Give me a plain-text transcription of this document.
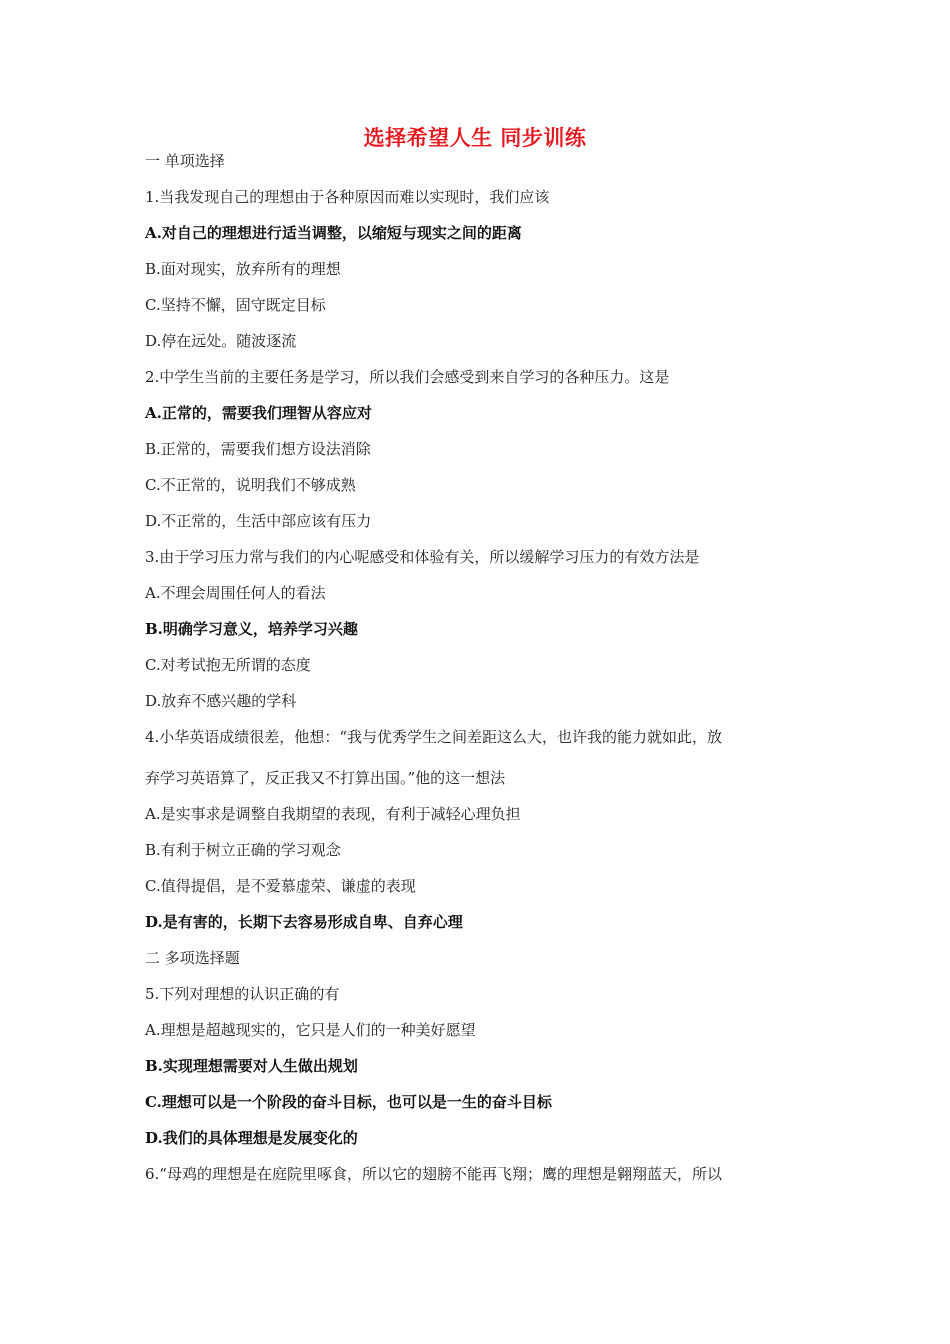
选择希望人生 同步训练
一 单项选择
1.当我发现自己的理想由于各种原因而难以实现时，我们应该
A.对自己的理想进行适当调整，以缩短与现实之间的距离
B.面对现实，放弃所有的理想
C.坚持不懈，固守既定目标
D.停在远处。随波逐流
2.中学生当前的主要任务是学习，所以我们会感受到来自学习的各种压力。这是
A.正常的，需要我们理智从容应对
B.正常的，需要我们想方设法消除
C.不正常的，说明我们不够成熟
D.不正常的，生活中部应该有压力
3.由于学习压力常与我们的内心呢感受和体验有关，所以缓解学习压力的有效方法是
A.不理会周围任何人的看法
B.明确学习意义，培养学习兴趣
C.对考试抱无所谓的态度
D.放弃不感兴趣的学科
4.小华英语成绩很差，他想：“我与优秀学生之间差距这么大，也许我的能力就如此，放
弃学习英语算了，反正我又不打算出国。”他的这一想法
A.是实事求是调整自我期望的表现，有利于减轻心理负担
B.有利于树立正确的学习观念
C.值得提倡，是不爱慕虚荣、谦虚的表现
D.是有害的，长期下去容易形成自卑、自弃心理
二 多项选择题
5.下列对理想的认识正确的有
A.理想是超越现实的，它只是人们的一种美好愿望
B.实现理想需要对人生做出规划
C.理想可以是一个阶段的奋斗目标，也可以是一生的奋斗目标
D.我们的具体理想是发展变化的
6.“母鸡的理想是在庭院里啄食，所以它的翅膀不能再飞翔；鹰的理想是翱翔蓝天，所以
